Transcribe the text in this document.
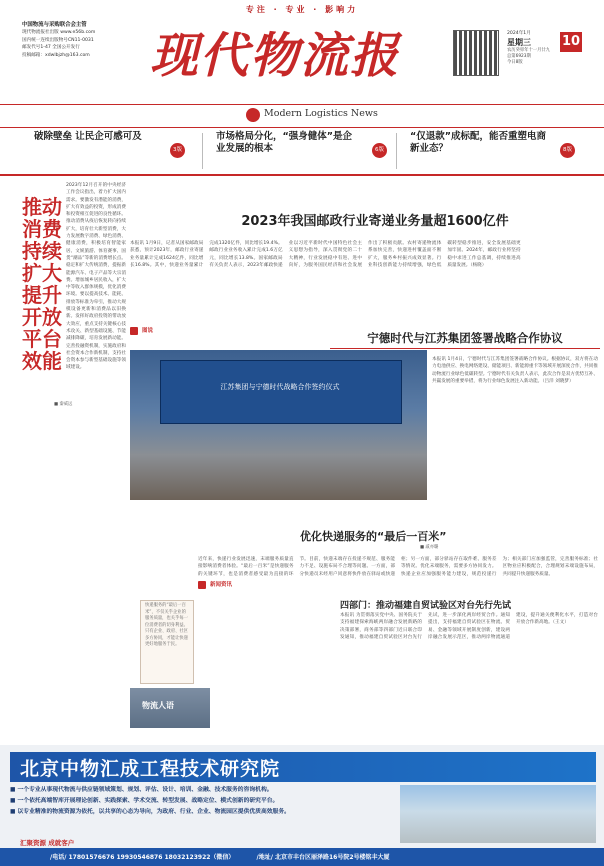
专注 · 专业 · 影响力
中国物流与采购联合会主管
现代物流报社出版 www.e56b.com
国内统一连续出版物号CN11-0031
邮发代号1-47 全国公开发行
投稿邮箱：xdwlbjzh@163.com	现代物流报	2024年1月
星期三
农历癸卯年十一月廿九
总第6923期
今日8版
10
Modern Logistics News
破除壁垒 让民企可感可及
3版
市场格局分化，“强身健体”是企业发展的根本	6版
“仅退款”成标配，能否重塑电商新业态？	8版
推动消费持续扩大 提升开放平台效能
■ 秦威远
2023年12月召开的中央经济工作会议指出，着力扩大国内需求。要激发有潜能的消费，扩大有效益的投资，形成消费和投资相互促进的良性循环。推动消费从疫后恢复转向持续扩大，培育壮大新型消费，大力发展数字消费、绿色消费、健康消费，积极培育智能家居、文娱旅游、体育赛事、国货“潮品”等新的消费增长点。稳定和扩大传统消费，提振新能源汽车、电子产品等大宗消费。增加城乡居民收入，扩大中等收入群体规模，优化消费环境。要以提高技术、能耗、排放等标准为牵引，推动大规模设备更新和消费品以旧换新。发挥好政府投资的带动放大效应，重点支持关键核心技术攻关、新型基础设施、节能减排降碳，培育发展新动能。完善投融资机制，实施政府和社会资本合作新机制，支持社会资本参与新型基础设施等领域建设。
2023年我国邮政行业寄递业务量超1600亿件
本报讯 1月9日，记者从国家邮政局获悉，预计2023年，邮政行业寄递业务量累计完成1624亿件，同比增长16.8%。其中，快递业务量累计完成1320亿件，同比增长19.4%。邮政行业业务收入累计完成1.6万亿元，同比增长13.8%。国家邮政局有关负责人表示，2023年邮政快递业以习近平新时代中国特色社会主义思想为指导，深入贯彻党的二十大精神，行业发展稳中有进、进中向好，为服务国民经济和社会发展作出了积极贡献。农村寄递物流体系加快完善，快递进村覆盖面不断扩大，服务乡村振兴成效显著。行业科技创新能力持续增强，绿色低碳转型稳步推进，安全发展基础更加牢固。2024年，邮政行业将坚持稳中求进工作总基调，持续推进高质量发展。（杨晓）
图说	宁德时代与江苏集团签署战略合作协议
江苏集团与宁德时代战略合作签约仪式
本报讯 1月4日，宁德时代与江苏集团签署战略合作协议。根据协议，双方将在动力电池供应、换电网络建设、储能项目、新能源重卡等领域开展深度合作，共同推动物流行业绿色低碳转型。宁德时代有关负责人表示，此次合作是双方优势互补、共赢发展的重要举措，将为行业绿色发展注入新动能。（吕洋 刘晓梦）
优化快递服务的“最后一百米”
■ 戚亦璐
近年来，快递行业发展迅速，末端服务质量直接影响消费者体验。“最后一百米”是快递服务的关键环节，也是消费者感受最为直接的环节。目前，快递末端存在投递不规范、服务能力不足、设施布局不合理等问题。一方面，部分快递员未经用户同意将快件放在驿站或快递柜；另一方面，部分驿站存在取件难、服务差等情况。优化末端服务，需要多方协同发力。快递企业应加强服务能力建设，规范投递行为；相关部门应加强监管，完善服务标准；社区物业应积极配合，合理规划末端设施布局，共同提升快递服务质量。
快递服务的“最后一百米”，不仅关乎企业的服务质量，也关乎每一位消费者的切身利益。只有企业、政府、社区多方协同，才能让快递更好地服务于民。
物流人语
新闻资讯
四部门：推动福建自贸试验区对台先行先试
本报讯 为贯彻落实党中央、国务院关于支持福建探索海峡两岸融合发展新路的决策部署，商务部等四部门近日联合印发通知，推动福建自贸试验区对台先行先试，进一步深化两岸经贸合作。通知提出，支持福建自贸试验区在物流、贸易、金融等领域开展制度创新，建设两岸融合发展示范区，推动两岸物流通道建设，提升通关便利化水平，打造对台开放合作新高地。（王文）
北京中物汇成工程技术研究院
■ 一个专业从事现代物流与供应链领域策划、规划、评估、设计、培训、金融、技术服务的咨询机构。
■ 一个依托高端智库开展理论创新、实践探索、学术交流、转型发展、战略定位、模式创新的研究平台。
■ 以专业精准的物流资源为依托，以共享的心态为导向，为政府、行业、企业、物流园区提供优质高效服务。
汇聚资源 成就客户
/电话/ 17801576676 19930546876 18032123922（微信）	/地址/ 北京市丰台区丽泽路16号院2号楼铭丰大厦
